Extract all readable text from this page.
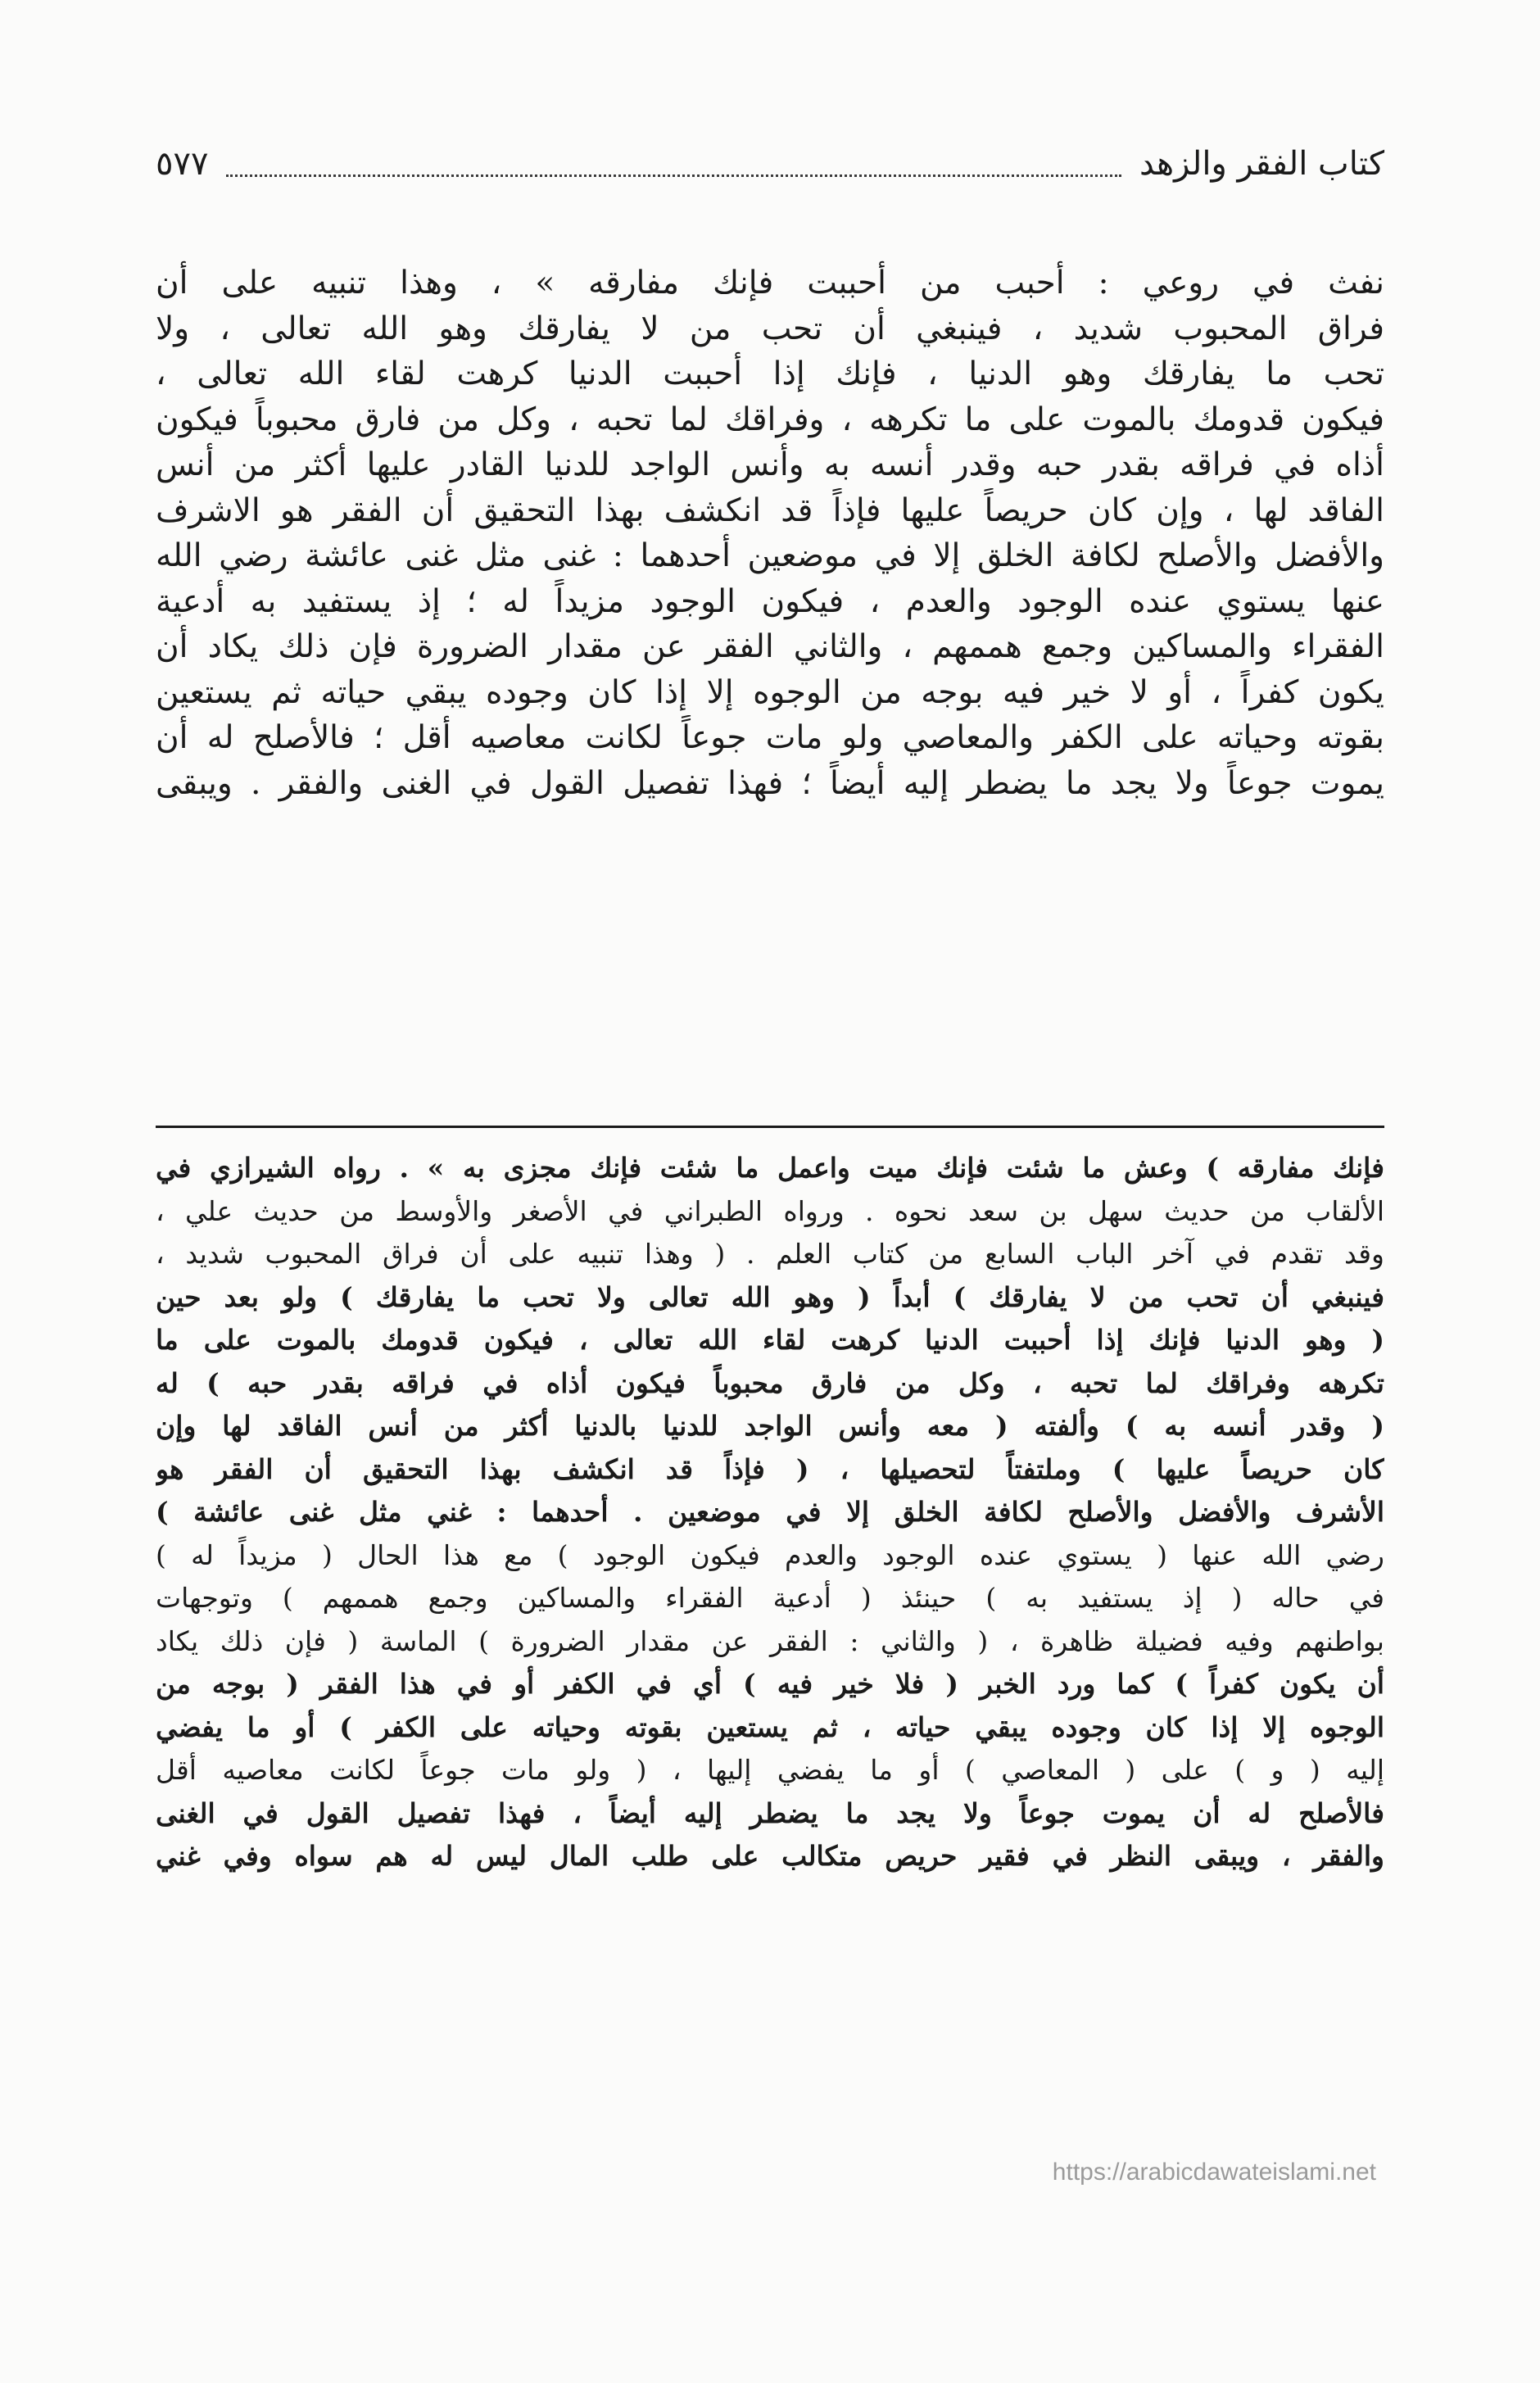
كتاب الفقر والزهد
٥٧٧
نفث في روعي : أحبب من أحببت فإنك مفارقه » ، وهذا تنبيه على أن
فراق المحبوب شديد ، فينبغي أن تحب من لا يفارقك وهو الله تعالى ، ولا
تحب ما يفارقك وهو الدنيا ، فإنك إذا أحببت الدنيا كرهت لقاء الله تعالى ،
فيكون قدومك بالموت على ما تكرهه ، وفراقك لما تحبه ، وكل من فارق محبوباً فيكون
أذاه في فراقه بقدر حبه وقدر أنسه به وأنس الواجد للدنيا القادر عليها أكثر من أنس
الفاقد لها ، وإن كان حريصاً عليها فإذاً قد انكشف بهذا التحقيق أن الفقر هو الاشرف
والأفضل والأصلح لكافة الخلق إلا في موضعين أحدهما : غنى مثل غنى عائشة رضي الله
عنها يستوي عنده الوجود والعدم ، فيكون الوجود مزيداً له ؛ إذ يستفيد به أدعية
الفقراء والمساكين وجمع هممهم ، والثاني الفقر عن مقدار الضرورة فإن ذلك يكاد أن
يكون كفراً ، أو لا خير فيه بوجه من الوجوه إلا إذا كان وجوده يبقي حياته ثم يستعين
بقوته وحياته على الكفر والمعاصي ولو مات جوعاً لكانت معاصيه أقل ؛ فالأصلح له أن
يموت جوعاً ولا يجد ما يضطر إليه أيضاً ؛ فهذا تفصيل القول في الغنى والفقر . ويبقى
فإنك مفارقه ) وعش ما شئت فإنك ميت واعمل ما شئت فإنك مجزى به » . رواه الشيرازي في
الألقاب من حديث سهل بن سعد نحوه . ورواه الطبراني في الأصغر والأوسط من حديث علي ،
وقد تقدم في آخر الباب السابع من كتاب العلم . ( وهذا تنبيه على أن فراق المحبوب شديد ،
فينبغي أن تحب من لا يفارقك ) أبداً ( وهو الله تعالى ولا تحب ما يفارقك ) ولو بعد حين
( وهو الدنيا فإنك إذا أحببت الدنيا كرهت لقاء الله تعالى ، فيكون قدومك بالموت على ما
تكرهه وفراقك لما تحبه ، وكل من فارق محبوباً فيكون أذاه في فراقه بقدر حبه ) له
( وقدر أنسه به ) وألفته ( معه وأنس الواجد للدنيا بالدنيا أكثر من أنس الفاقد لها وإن
كان حريصاً عليها ) وملتفتاً لتحصيلها ، ( فإذاً قد انكشف بهذا التحقيق أن الفقر هو
الأشرف والأفضل والأصلح لكافة الخلق إلا في موضعين . أحدهما : غني مثل غنى عائشة )
رضي الله عنها ( يستوي عنده الوجود والعدم فيكون الوجود ) مع هذا الحال ( مزيداً له )
في حاله ( إذ يستفيد به ) حينئذ ( أدعية الفقراء والمساكين وجمع هممهم ) وتوجهات
بواطنهم وفيه فضيلة ظاهرة ، ( والثاني : الفقر عن مقدار الضرورة ) الماسة ( فإن ذلك يكاد
أن يكون كفراً ) كما ورد الخبر ( فلا خير فيه ) أي في الكفر أو في هذا الفقر ( بوجه من
الوجوه إلا إذا كان وجوده يبقي حياته ، ثم يستعين بقوته وحياته على الكفر ) أو ما يفضي
إليه ( و ) على ( المعاصي ) أو ما يفضي إليها ، ( ولو مات جوعاً لكانت معاصيه أقل
فالأصلح له أن يموت جوعاً ولا يجد ما يضطر إليه أيضاً ، فهذا تفصيل القول في الغنى
والفقر ، ويبقى النظر في فقير حريص متكالب على طلب المال ليس له هم سواه وفي غني
https://arabicdawateislami.net
